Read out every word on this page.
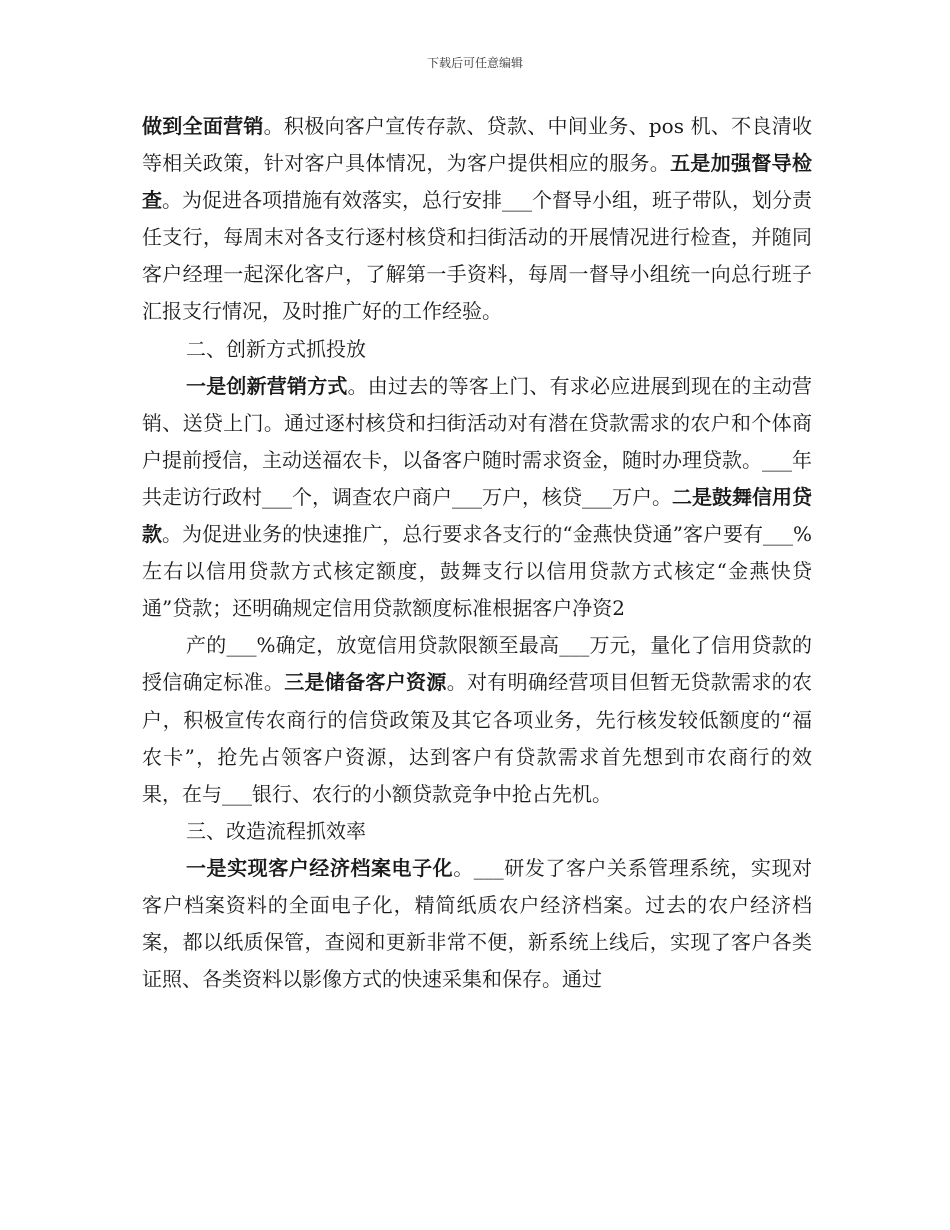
下载后可任意编辑

做到全面营销。积极向客户宣传存款、贷款、中间业务、pos 机、不良清收等相关政策，针对客户具体情况，为客户提供相应的服务。五是加强督导检查。为促进各项措施有效落实，总行安排___个督导小组，班子带队，划分责任支行，每周末对各支行逐村核贷和扫街活动的开展情况进行检查，并随同客户经理一起深化客户，了解第一手资料，每周一督导小组统一向总行班子汇报支行情况，及时推广好的工作经验。

二、创新方式抓投放

一是创新营销方式。由过去的等客上门、有求必应进展到现在的主动营销、送贷上门。通过逐村核贷和扫街活动对有潜在贷款需求的农户和个体商户提前授信，主动送福农卡，以备客户随时需求资金，随时办理贷款。___年共走访行政村___个，调查农户商户___万户，核贷___万户。二是鼓舞信用贷款。为促进业务的快速推广，总行要求各支行的“金燕快贷通”客户要有___%左右以信用贷款方式核定额度，鼓舞支行以信用贷款方式核定“金燕快贷通”贷款；还明确规定信用贷款额度标准根据客户净资2

产的___%确定，放宽信用贷款限额至最高___万元，量化了信用贷款的授信确定标准。三是储备客户资源。对有明确经营项目但暂无贷款需求的农户，积极宣传农商行的信贷政策及其它各项业务，先行核发较低额度的“福农卡”，抢先占领客户资源，达到客户有贷款需求首先想到市农商行的效果，在与___银行、农行的小额贷款竞争中抢占先机。

三、改造流程抓效率

一是实现客户经济档案电子化。___研发了客户关系管理系统，实现对客户档案资料的全面电子化，精简纸质农户经济档案。过去的农户经济档案，都以纸质保管，查阅和更新非常不便，新系统上线后，实现了客户各类证照、各类资料以影像方式的快速采集和保存。通过
